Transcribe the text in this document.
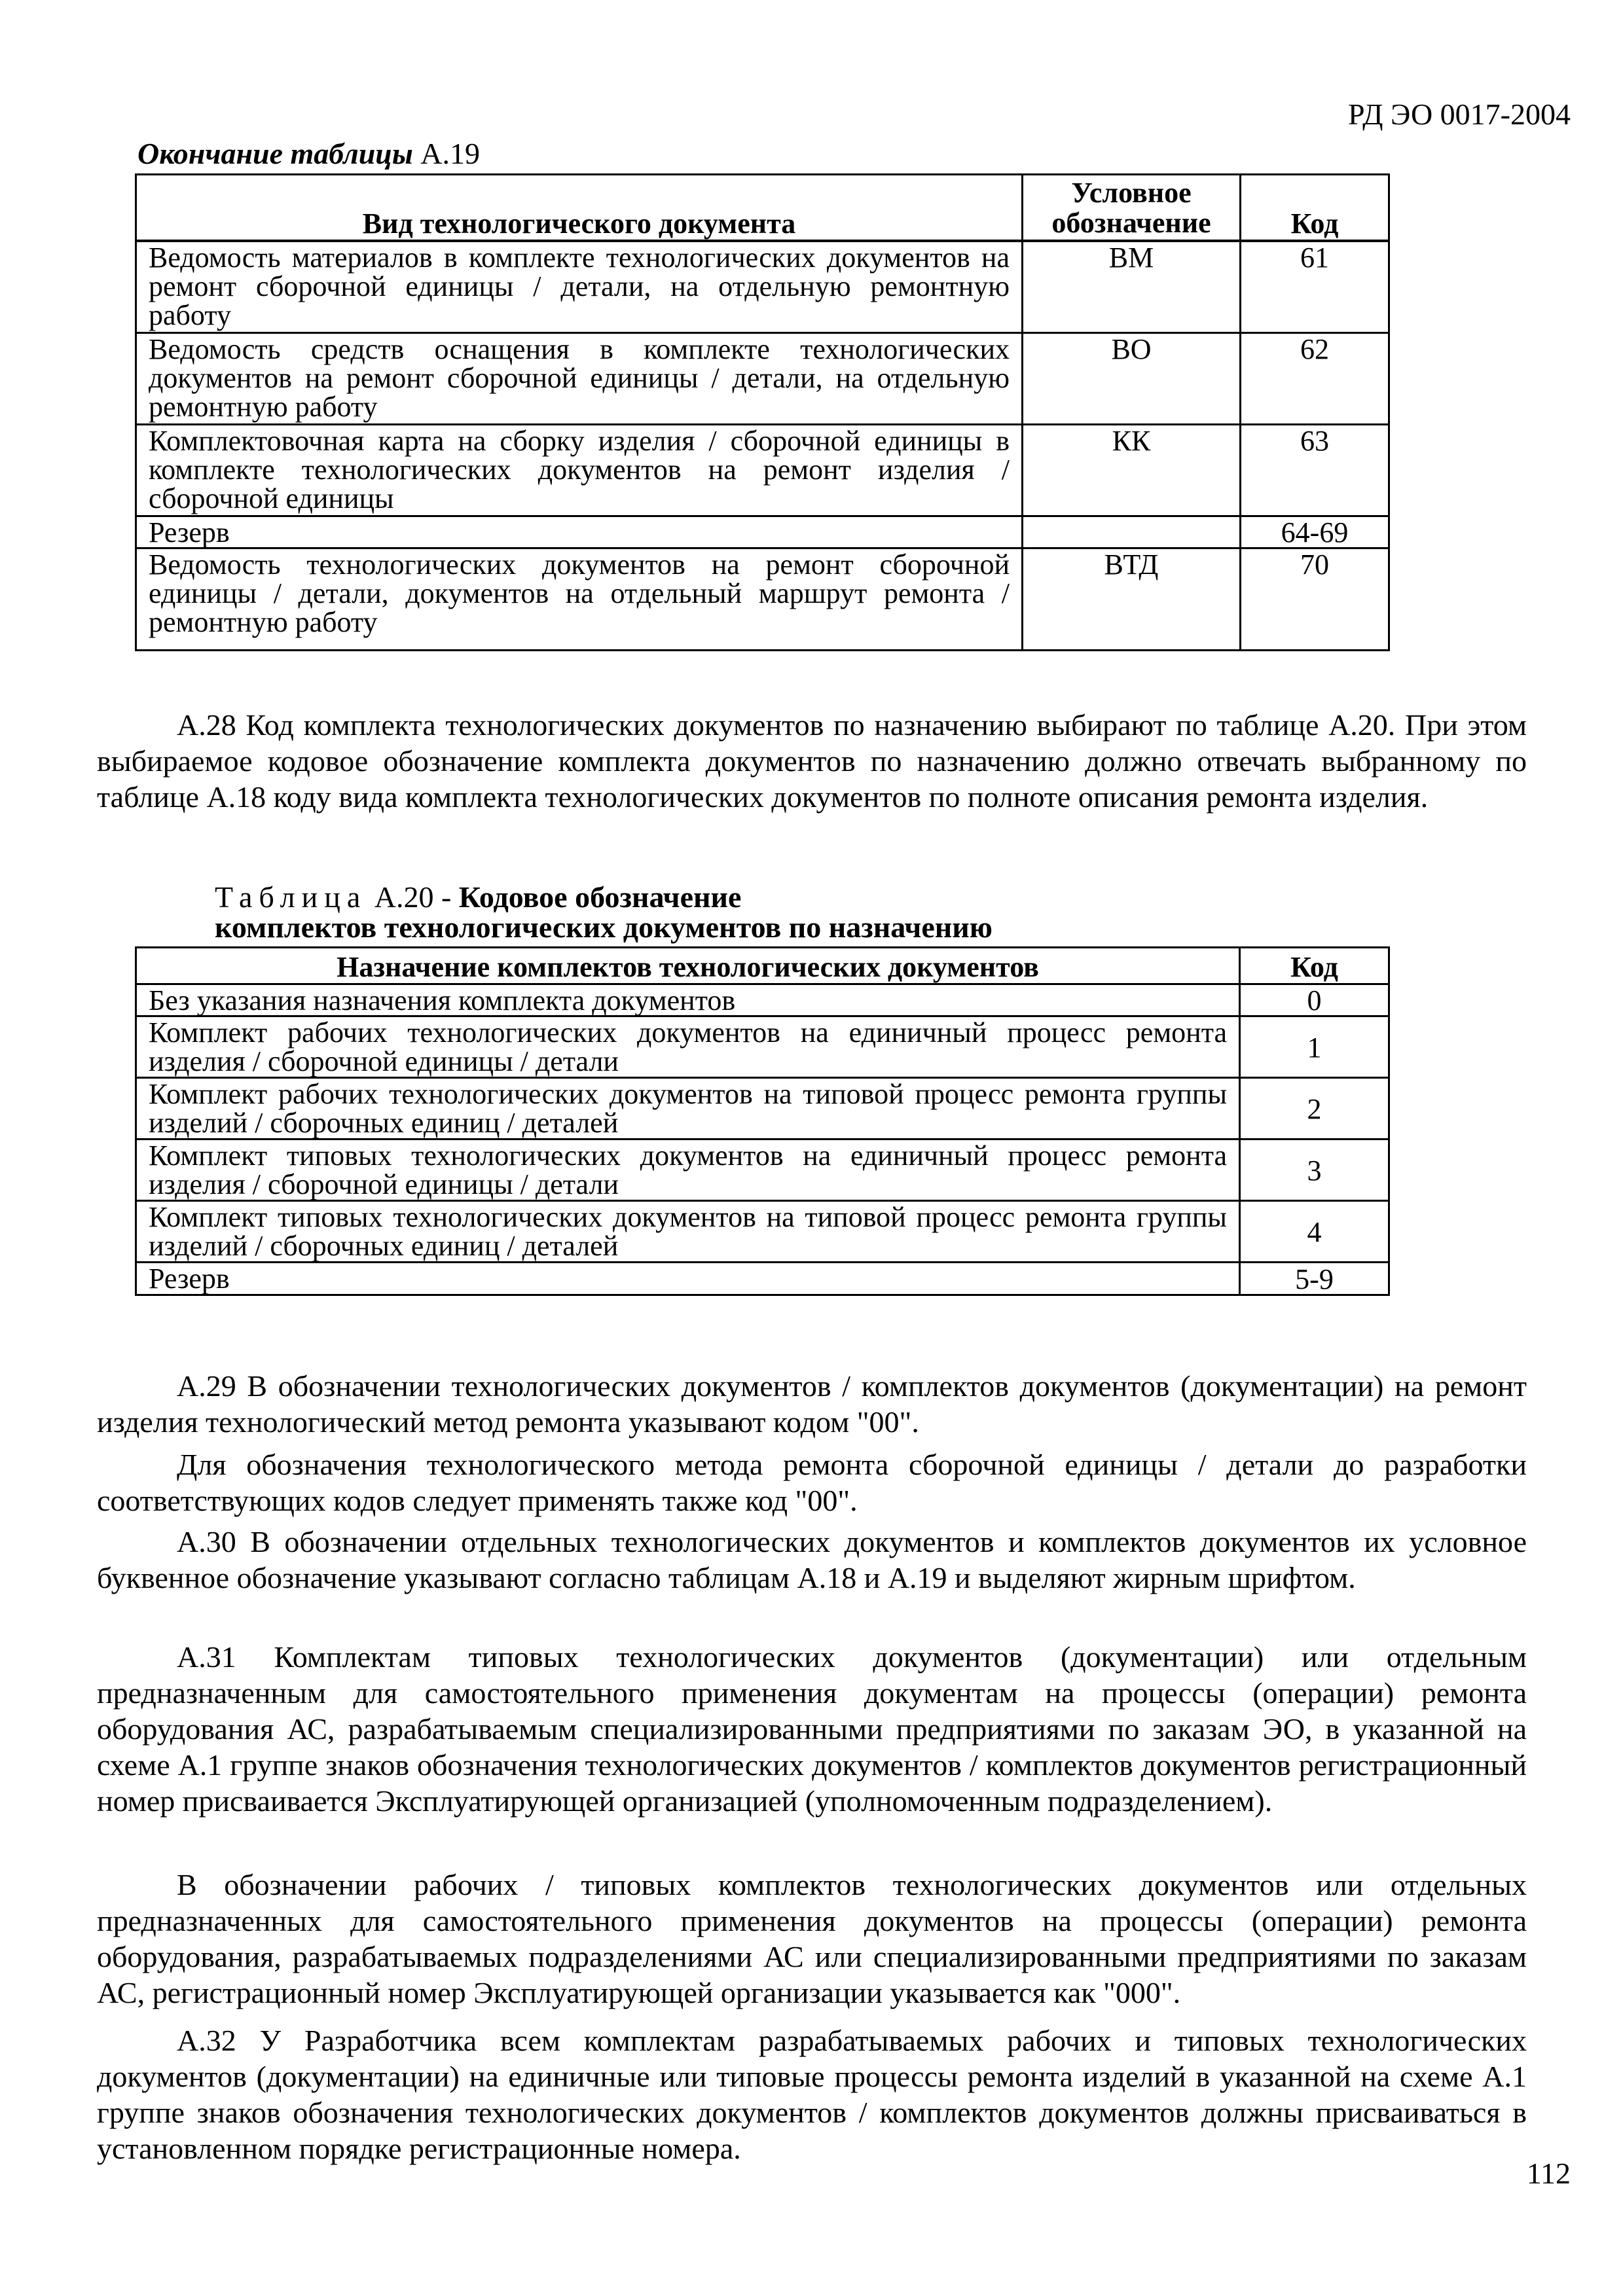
РД ЭО 0017-2004
Окончание таблицы А.19
Вид технологического документа	Условное обозначение	Код
Ведомость материалов в комплекте технологических документов на ремонт сборочной единицы / детали, на отдельную ремонтную работу	ВМ	61
Ведомость средств оснащения в комплекте технологических документов на ремонт сборочной единицы / детали, на отдельную ремонтную работу	ВО	62
Комплектовочная карта на сборку изделия / сборочной единицы в комплекте технологических документов на ремонт изделия / сборочной единицы	КК	63
Резерв		64-69
Ведомость технологических документов на ремонт сборочной единицы / детали, документов на отдельный маршрут ремонта / ремонтную работу	ВТД	70
А.28 Код комплекта технологических документов по назначению выбирают по таблице А.20. При этом выбираемое кодовое обозначение комплекта документов по назначению должно отвечать выбранному по таблице А.18 коду вида комплекта технологических документов по полноте описания ремонта изделия.
Таблица А.20 - Кодовое обозначение
комплектов технологических документов по назначению
Назначение комплектов технологических документов	Код
Без указания назначения комплекта документов	0
Комплект рабочих технологических документов на единичный процесс ремонта изделия / сборочной единицы / детали	1
Комплект рабочих технологических документов на типовой процесс ремонта группы изделий / сборочных единиц / деталей	2
Комплект типовых технологических документов на единичный процесс ремонта изделия / сборочной единицы / детали	3
Комплект типовых технологических документов на типовой процесс ремонта группы изделий / сборочных единиц / деталей	4
Резерв	5-9
А.29 В обозначении технологических документов / комплектов документов (документации) на ремонт изделия технологический метод ремонта указывают кодом "00".
Для обозначения технологического метода ремонта сборочной единицы / детали до разработки соответствующих кодов следует применять также код "00".
А.30 В обозначении отдельных технологических документов и комплектов документов их условное буквенное обозначение указывают согласно таблицам А.18 и А.19 и выделяют жирным шрифтом.
А.31 Комплектам типовых технологических документов (документации) или отдельным предназначенным для самостоятельного применения документам на процессы (операции) ремонта оборудования АС, разрабатываемым специализированными предприятиями по заказам ЭО, в указанной на схеме А.1 группе знаков обозначения технологических документов / комплектов документов регистрационный номер присваивается Эксплуатирующей организацией (уполномоченным подразделением).
В обозначении рабочих / типовых комплектов технологических документов или отдельных предназначенных для самостоятельного применения документов на процессы (операции) ремонта оборудования, разрабатываемых подразделениями АС или специализированными предприятиями по заказам АС, регистрационный номер Эксплуатирующей организации указывается как "000".
А.32 У Разработчика всем комплектам разрабатываемых рабочих и типовых технологических документов (документации) на единичные или типовые процессы ремонта изделий в указанной на схеме А.1 группе знаков обозначения технологических документов / комплектов документов должны присваиваться в установленном порядке регистрационные номера.
112
